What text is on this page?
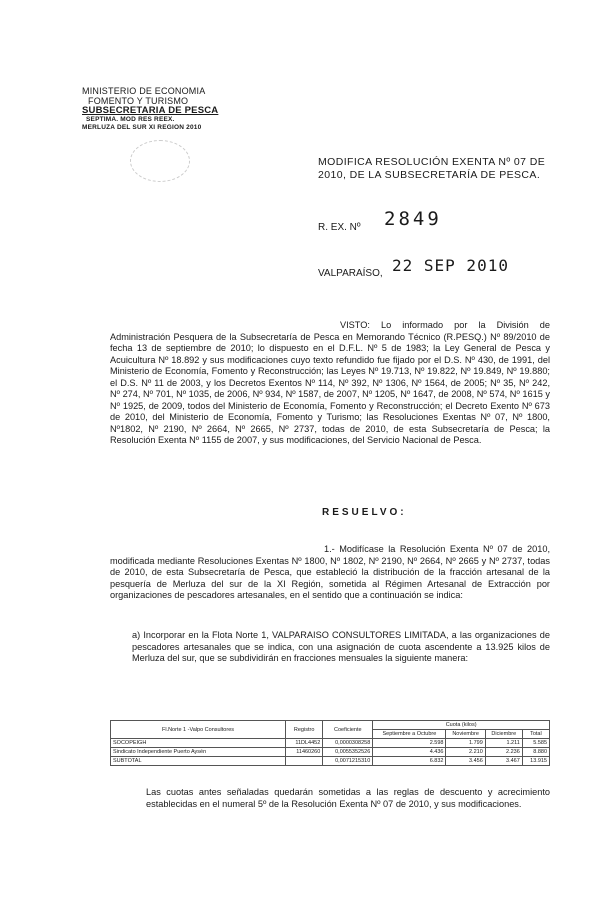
MINISTERIO DE ECONOMIA
FOMENTO Y TURISMO
SUBSECRETARIA DE PESCA
SEPTIMA. MOD RES REEX.
MERLUZA DEL SUR XI REGION 2010
MODIFICA RESOLUCIÓN EXENTA Nº 07 DE 2010, DE LA SUBSECRETARÍA DE PESCA.
R. EX. Nº 2849
VALPARAÍSO, 22 SEP 2010
VISTO: Lo informado por la División de Administración Pesquera de la Subsecretaría de Pesca en Memorando Técnico (R.PESQ.) Nº 89/2010 de fecha 13 de septiembre de 2010; lo dispuesto en el D.F.L. Nº 5 de 1983; la Ley General de Pesca y Acuicultura Nº 18.892 y sus modificaciones cuyo texto refundido fue fijado por el D.S. Nº 430, de 1991, del Ministerio de Economía, Fomento y Reconstrucción; las Leyes Nº 19.713, Nº 19.822, Nº 19.849, Nº 19.880; el D.S. Nº 11 de 2003, y los Decretos Exentos Nº 114, Nº 392, Nº 1306, Nº 1564, de 2005; Nº 35, Nº 242, Nº 274, Nº 701, Nº 1035, de 2006, Nº 934, Nº 1587, de 2007, Nº 1205, Nº 1647, de 2008, Nº 574, Nº 1615 y Nº 1925, de 2009, todos del Ministerio de Economía, Fomento y Reconstrucción; el Decreto Exento Nº 673 de 2010, del Ministerio de Economía, Fomento y Turismo; las Resoluciones Exentas Nº 07, Nº 1800, Nº1802, Nº 2190, Nº 2664, Nº 2665, Nº 2737, todas de 2010, de esta Subsecretaría de Pesca; la Resolución Exenta Nº 1155 de 2007, y sus modificaciones, del Servicio Nacional de Pesca.
RESUELVO:
1.- Modifícase la Resolución Exenta Nº 07 de 2010, modificada mediante Resoluciones Exentas Nº 1800, Nº 1802, Nº 2190, Nº 2664, Nº 2665 y Nº 2737, todas de 2010, de esta Subsecretaría de Pesca, que estableció la distribución de la fracción artesanal de la pesquería de Merluza del sur de la XI Región, sometida al Régimen Artesanal de Extracción por organizaciones de pescadores artesanales, en el sentido que a continuación se indica:
a) Incorporar en la Flota Norte 1, VALPARAISO CONSULTORES LIMITADA, a las organizaciones de pescadores artesanales que se indica, con una asignación de cuota ascendente a 13.925 kilos de Merluza del sur, que se subdividirán en fracciones mensuales la siguiente manera:
Fl.Norte 1 -Valpo Consultores	Registro	Coeficiente	Cuota (kilos)			
			Septiembre a Octubre	Noviembre	Diciembre	Total
SOCOPEIGH	11DL4452	0,0000308258	2.598	1.799	1.211	5.585
Sindicato Independiente Puerto Aysén	11460260	0,0055352526	4.436	2.210	2.236	8.880
SUBTOTAL		0,0071215310	6.832	3.456	3.467	13.915
Las cuotas antes señaladas quedarán sometidas a las reglas de descuento y acrecimiento establecidas en el numeral 5º de la Resolución Exenta Nº 07 de 2010, y sus modificaciones.
